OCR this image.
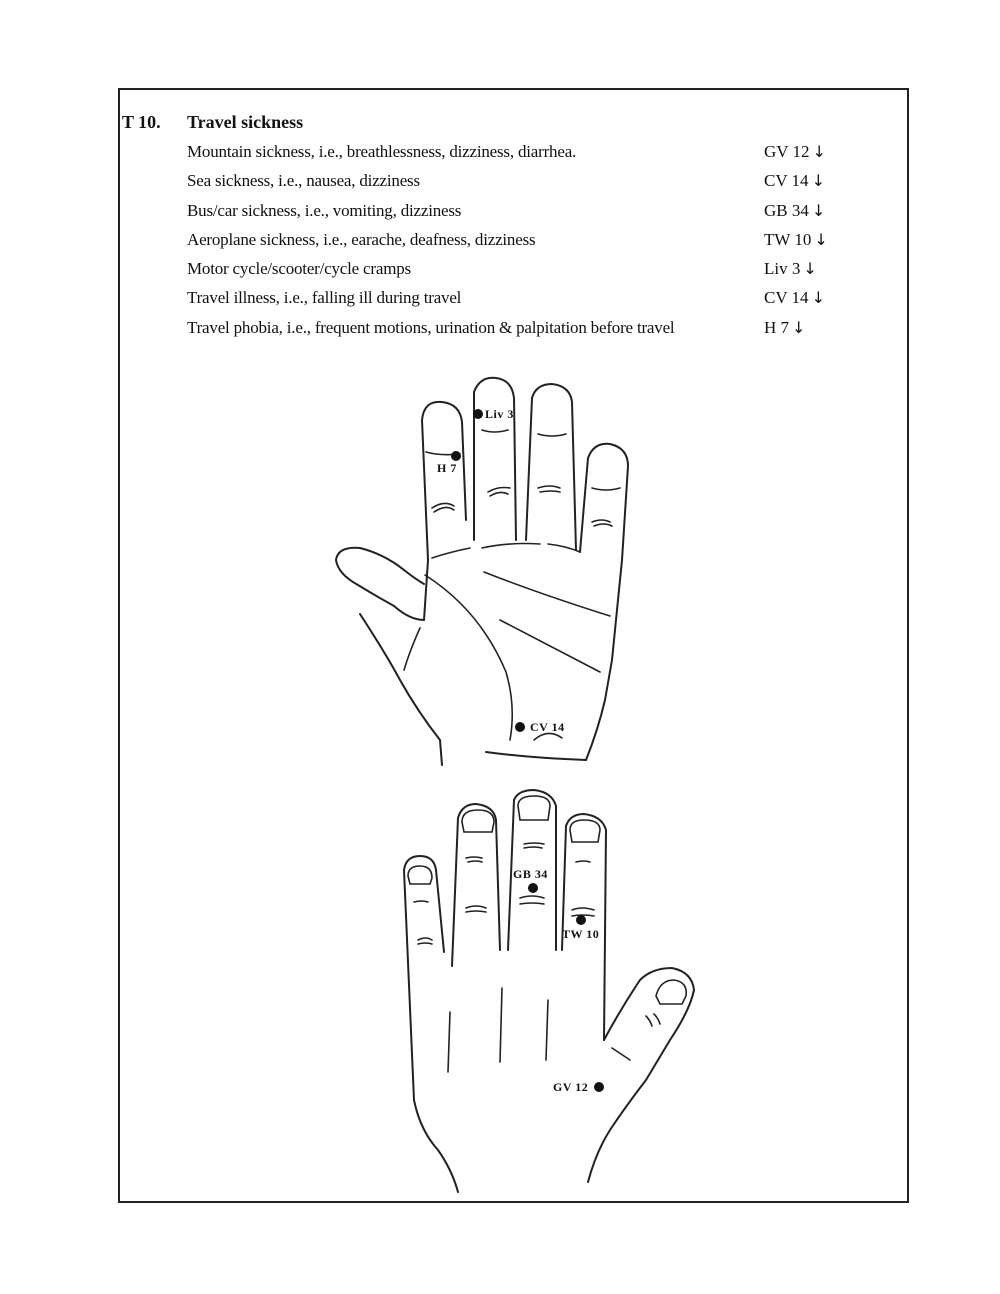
T 10. Travel sickness
Mountain sickness, i.e., breathlessness, dizziness, diarrhea.	GV 12 ↓
Sea sickness, i.e., nausea, dizziness	CV 14 ↓
Bus/car sickness, i.e., vomiting, dizziness	GB 34 ↓
Aeroplane sickness, i.e., earache, deafness, dizziness	TW 10 ↓
Motor cycle/scooter/cycle cramps	Liv 3 ↓
Travel illness, i.e., falling ill during travel	CV 14 ↓
Travel phobia, i.e., frequent motions, urination & palpitation before travel	H 7 ↓
Liv 3
H 7
CV 14
GB 34
TW 10
GV 12
